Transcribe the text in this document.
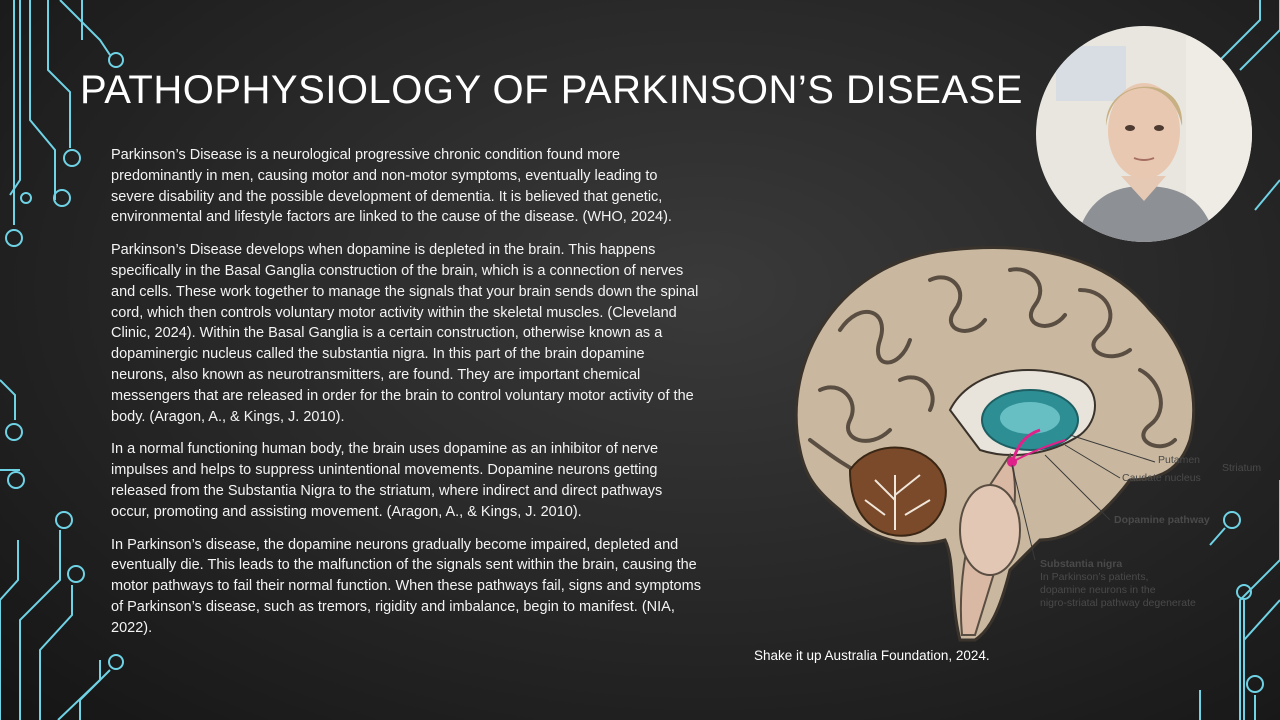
PATHOPHYSIOLOGY OF PARKINSON’S DISEASE

Parkinson’s Disease is a neurological progressive chronic condition found more predominantly in men, causing motor and non-motor symptoms, eventually leading to severe disability and the possible development of dementia. It is believed that genetic, environmental and lifestyle factors are linked to the cause of the disease. (WHO, 2024).

Parkinson’s Disease develops when dopamine is depleted in the brain. This happens specifically in the Basal Ganglia construction of the brain, which is a connection of nerves and cells. These work together to manage the signals that your brain sends down the spinal cord, which then controls voluntary motor activity within the skeletal muscles. (Cleveland Clinic, 2024). Within the Basal Ganglia is a certain construction, otherwise known as a dopaminergic nucleus called the substantia nigra. In this part of the brain dopamine neurons, also known as neurotransmitters, are found. They are important chemical messengers that are released in order for the brain to control voluntary motor activity of the body. (Aragon, A., & Kings, J. 2010).

In a normal functioning human body, the brain uses dopamine as an inhibitor of nerve impulses and helps to suppress unintentional movements. Dopamine neurons getting released from the Substantia Nigra to the striatum, where indirect and direct pathways occur, promoting and assisting movement. (Aragon, A., & Kings, J. 2010).

In Parkinson’s disease, the dopamine neurons gradually become impaired, depleted and eventually die. This leads to the malfunction of the signals sent within the brain, causing the motor pathways to fail their normal function. When these pathways fail, signs and symptoms of Parkinson’s disease, such as tremors, rigidity and imbalance, begin to manifest. (NIA, 2022).

Putamen
Striatum
Caudate nucleus
Dopamine pathway
Substantia nigra
In Parkinson’s patients,
dopamine neurons in the
nigro-striatal pathway degenerate
Shake it up Australia Foundation, 2024.
